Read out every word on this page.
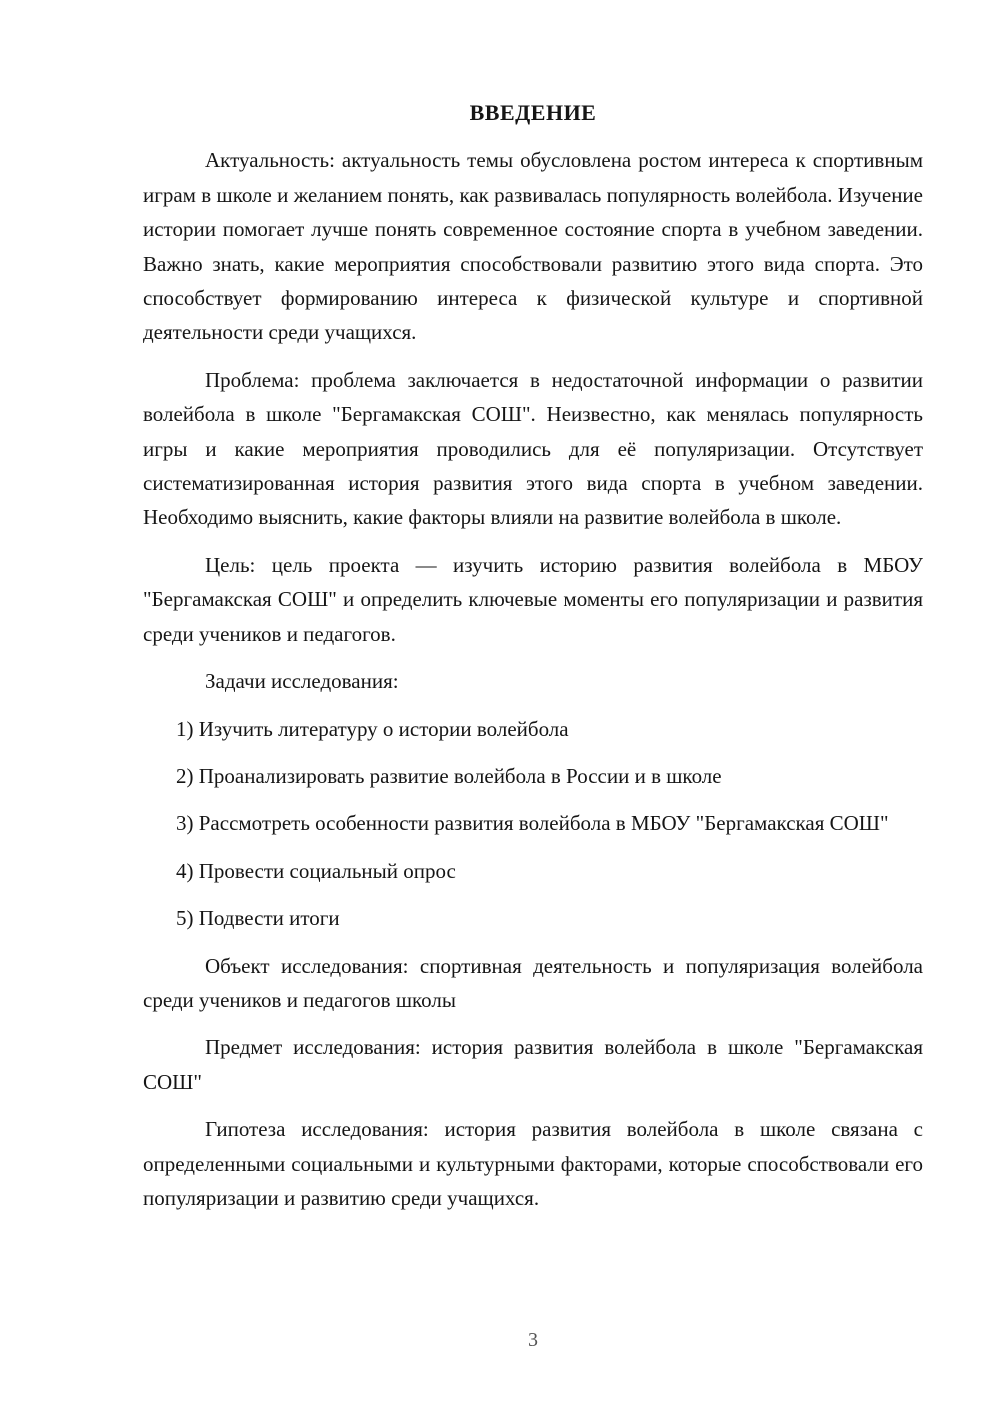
ВВЕДЕНИЕ

Актуальность: актуальность темы обусловлена ростом интереса к спортивным играм в школе и желанием понять, как развивалась популярность волейбола. Изучение истории помогает лучше понять современное состояние спорта в учебном заведении. Важно знать, какие мероприятия способствовали развитию этого вида спорта. Это способствует формированию интереса к физической культуре и спортивной деятельности среди учащихся.

Проблема: проблема заключается в недостаточной информации о развитии волейбола в школе "Бергамакская СОШ". Неизвестно, как менялась популярность игры и какие мероприятия проводились для её популяризации. Отсутствует систематизированная история развития этого вида спорта в учебном заведении. Необходимо выяснить, какие факторы влияли на развитие волейбола в школе.

Цель: цель проекта — изучить историю развития волейбола в МБОУ "Бергамакская СОШ" и определить ключевые моменты его популяризации и развития среди учеников и педагогов.

Задачи исследования:

1) Изучить литературу о истории волейбола

2) Проанализировать развитие волейбола в России и в школе

3) Рассмотреть особенности развития волейбола в МБОУ "Бергамакская СОШ"

4) Провести социальный опрос

5) Подвести итоги

Объект исследования: спортивная деятельность и популяризация волейбола среди учеников и педагогов школы

Предмет исследования: история развития волейбола в школе "Бергамакская СОШ"

Гипотеза исследования: история развития волейбола в школе связана с определенными социальными и культурными факторами, которые способствовали его популяризации и развитию среди учащихся.

3
